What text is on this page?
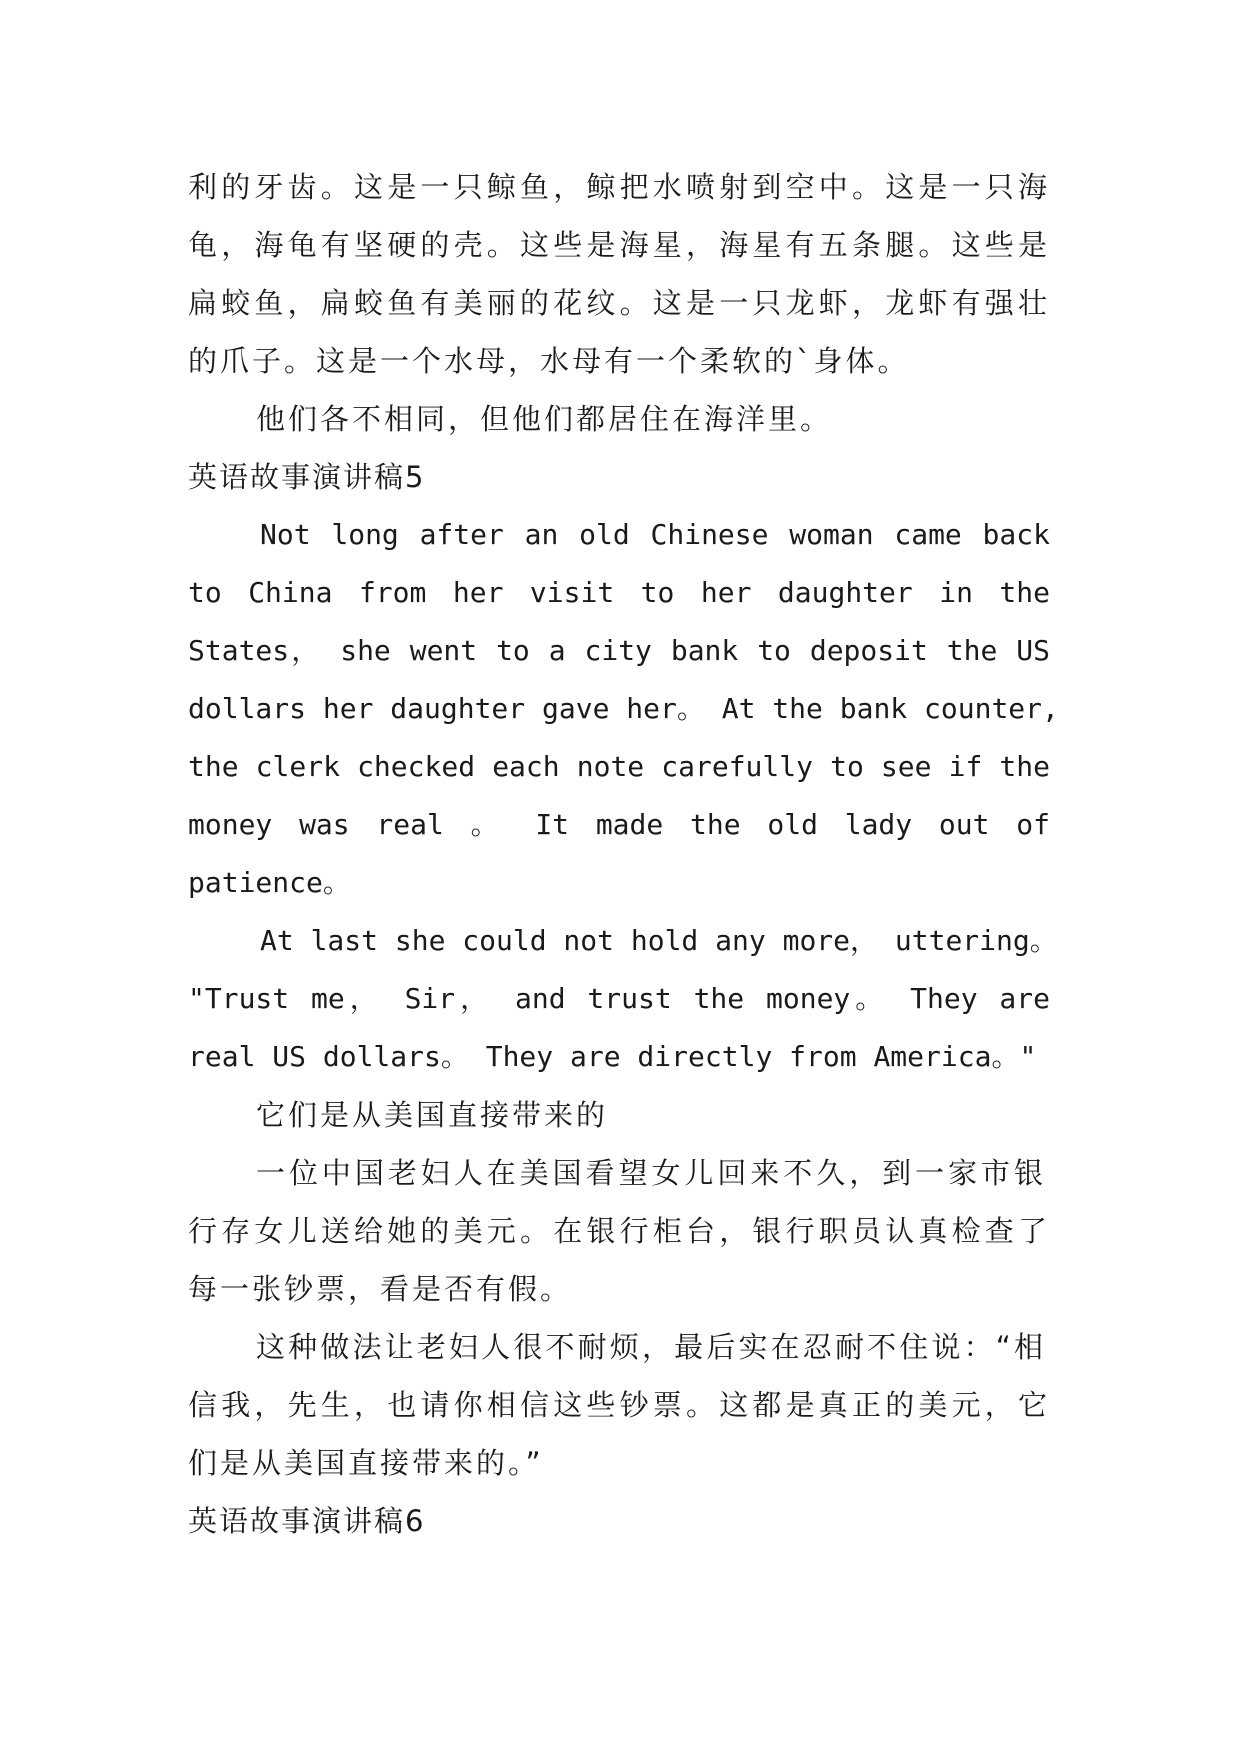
利的牙齿。这是一只鲸鱼，鲸把水喷射到空中。这是一只海
龟，海龟有坚硬的壳。这些是海星，海星有五条腿。这些是
扁蛟鱼，扁蛟鱼有美丽的花纹。这是一只龙虾，龙虾有强壮
的爪子。这是一个水母，水母有一个柔软的`身体。
他们各不相同，但他们都居住在海洋里。
英语故事演讲稿5
Not long after an old Chinese woman came back
to China from her visit to her daughter in the
States， she went to a city bank to deposit the US
dollars her daughter gave her。 At the bank counter,
the clerk checked each note carefully to see if the
money was real 。 It made the old lady out of
patience。
At last she could not hold any more， uttering。
"Trust me， Sir， and trust the money。 They are
real US dollars。 They are directly from America。"
它们是从美国直接带来的
一位中国老妇人在美国看望女儿回来不久，到一家市银
行存女儿送给她的美元。在银行柜台，银行职员认真检查了
每一张钞票，看是否有假。
这种做法让老妇人很不耐烦，最后实在忍耐不住说：“相
信我，先生，也请你相信这些钞票。这都是真正的美元，它
们是从美国直接带来的。”
英语故事演讲稿6
